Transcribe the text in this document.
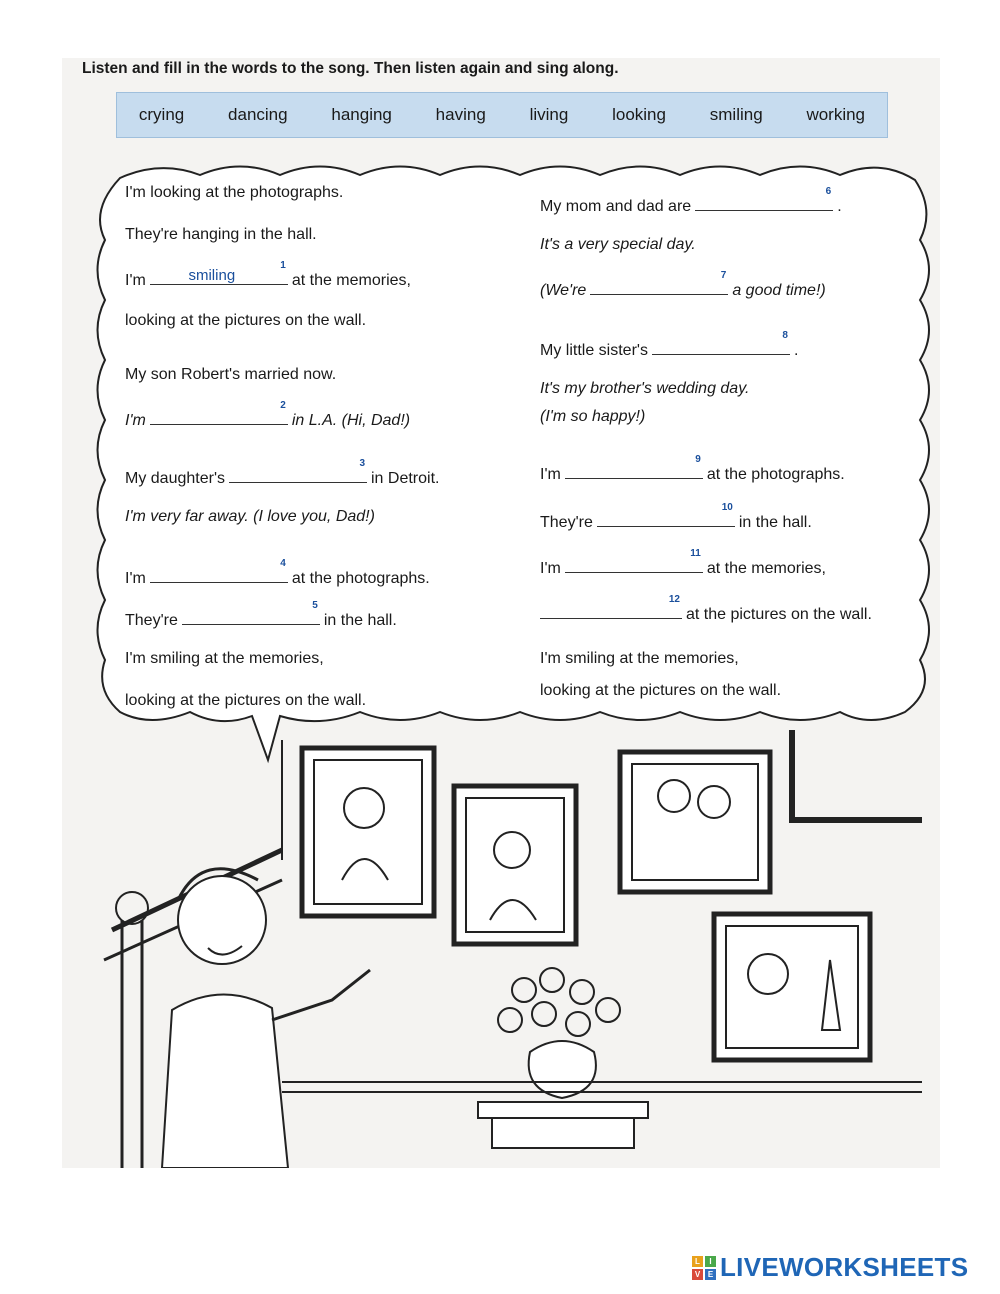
Listen and fill in the words to the song. Then listen again and sing along.
crying	dancing	hanging	having	living	looking	smiling	working
I'm looking at the photographs.
They're hanging in the hall.
I'm	smiling
1
at the memories,
looking at the pictures on the wall.
My son Robert's married now.
I'm
2
in L.A. (Hi, Dad!)
My daughter's
3
in Detroit.
I'm very far away. (I love you, Dad!)
I'm
4
at the photographs.
They're
5
in the hall.
I'm smiling at the memories,
looking at the pictures on the wall.
My mom and dad are
6
.
It's a very special day.
(We're
7
a good time!)
My little sister's
8
.
It's my brother's wedding day.
(I'm so happy!)
I'm
9
at the photographs.
They're
10
in the hall.
I'm
11
at the memories,
12
at the pictures on the wall.
I'm smiling at the memories,
looking at the pictures on the wall.
L	I
V E LIVEWORKSHEETS
